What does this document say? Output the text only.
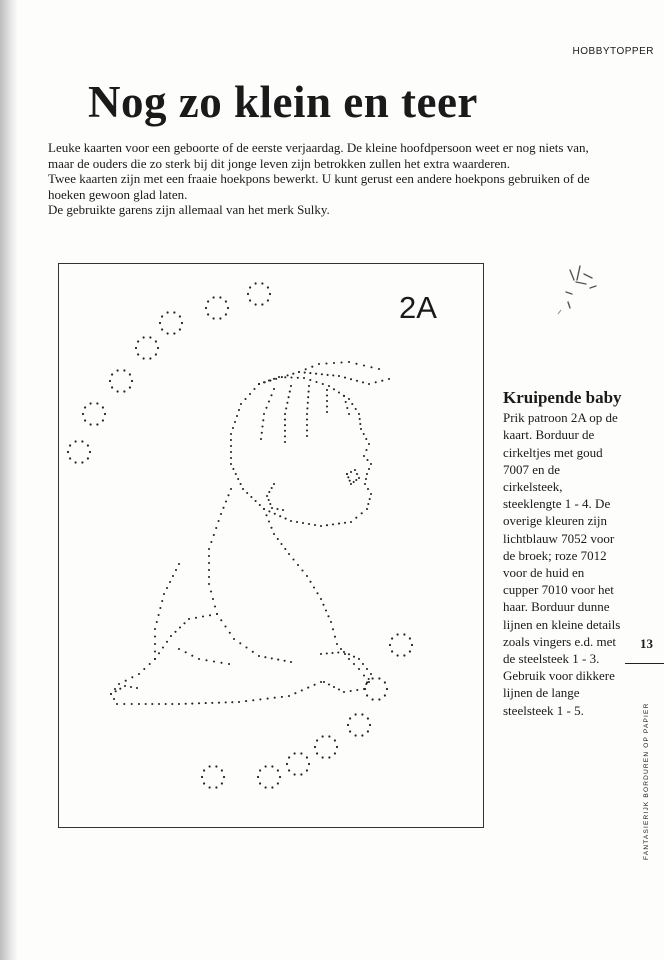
HOBBYTOPPER
Nog zo klein en teer

Leuke kaarten voor een geboorte of de eerste verjaardag. De kleine hoofdpersoon weet er nog niets van, maar de ouders die zo sterk bij dit jonge leven zijn betrokken zullen het extra waarderen.

Twee kaarten zijn met een fraaie hoekpons bewerkt. U kunt gerust een andere hoekpons gebruiken of de hoeken gewoon glad laten.

De gebruikte garens zijn allemaal van het merk Sulky.

2A
Kruipende baby

Prik patroon 2A op de kaart. Borduur de cirkeltjes met goud 7007 en de cirkelsteek, steeklengte 1 - 4. De overige kleuren zijn lichtblauw 7052 voor de broek; roze 7012 voor de huid en cupper 7010 voor het haar. Borduur dunne lijnen en kleine details zoals vingers e.d. met de steelsteek 1 - 3. Gebruik voor dikkere lijnen de lange steelsteek 1 - 5.

13
FANTASIERIJK BORDUREN OP PAPIER
